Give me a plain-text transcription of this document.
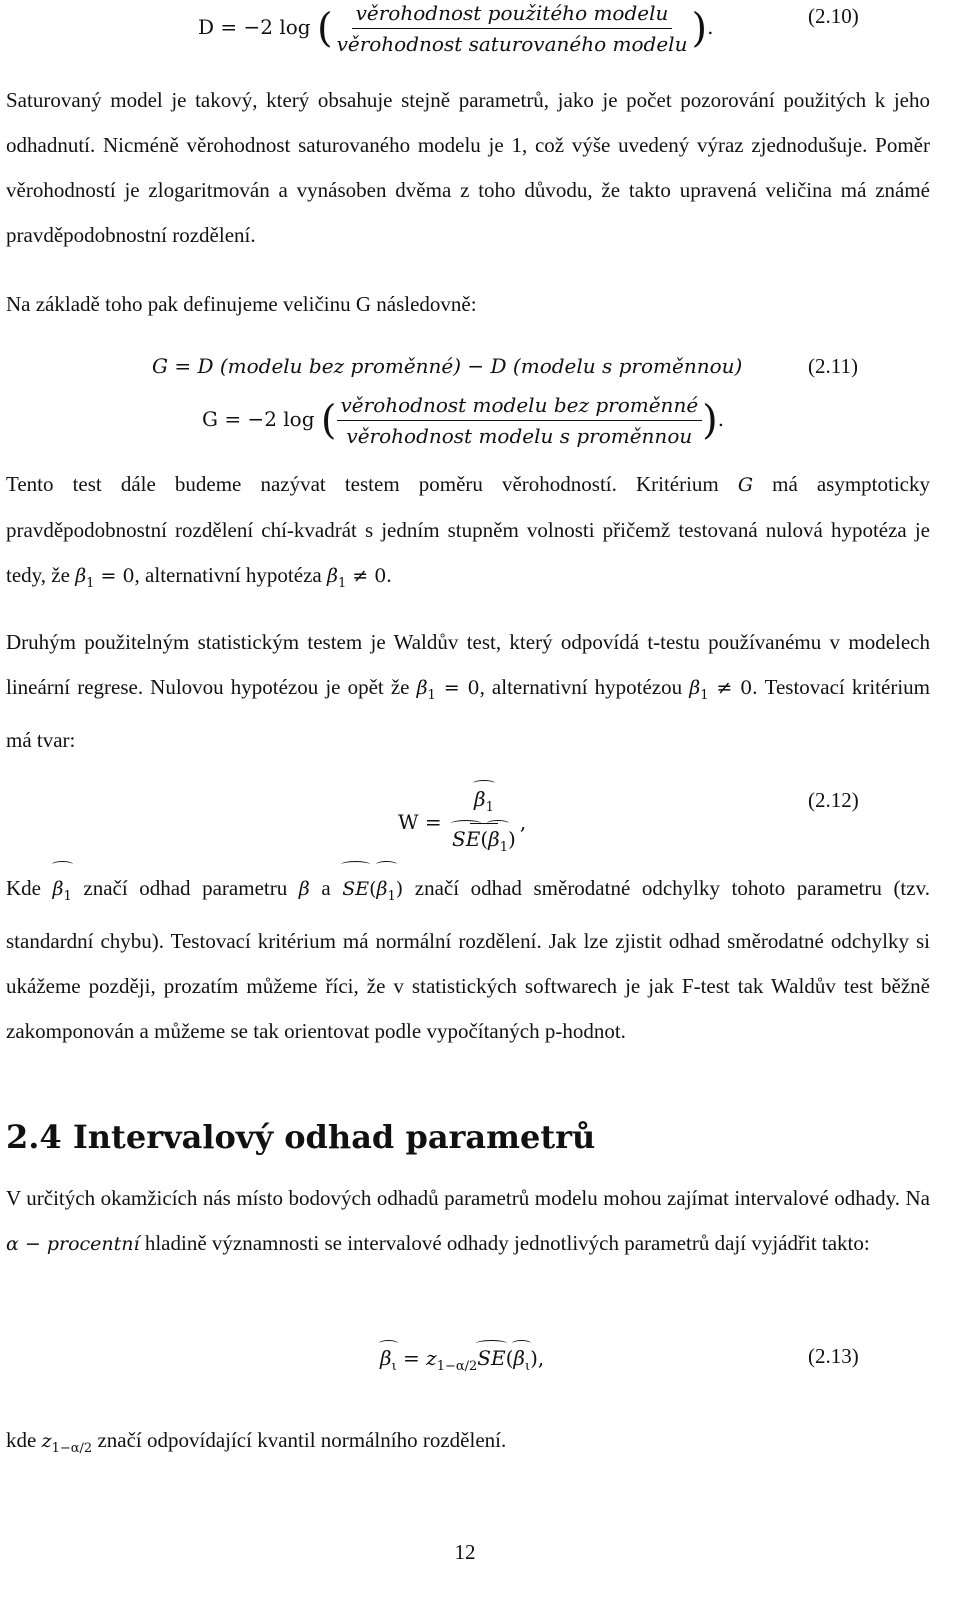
D = −2 log ( $\frac{\text{věrohodnost použitého modelu}}{\text{věrohodnost saturovaného modelu}}$ ).	(2.10)

Saturovaný model je takový, který obsahuje stejně parametrů, jako je počet pozorování použitých k jeho odhadnutí. Nicméně věrohodnost saturovaného modelu je 1, což výše uvedený výraz zjednodušuje. Poměr věrohodností je zlogaritmován a vynásoben dvěma z toho důvodu, že takto upravená veličina má známé pravděpodobnostní rozdělení.

Na základě toho pak definujeme veličinu G následovně:

G = D (modelu bez proměnné) − D (modelu s proměnnou)	(2.11)
G = −2 log ( $\frac{\text{věrohodnost modelu bez proměnné}}{\text{věrohodnost modelu s proměnnou}}$ ).

Tento test dále budeme nazývat testem poměru věrohodností. Kritérium G má asymptoticky pravděpodobnostní rozdělení chí-kvadrát s jedním stupněm volnosti přičemž testovaná nulová hypotéza je tedy, že $\beta_1 = 0$, alternativní hypotéza $\beta_1 \ne 0$.

Druhým použitelným statistickým testem je Waldův test, který odpovídá t-testu používanému v modelech lineární regrese. Nulovou hypotézou je opět že $\beta_1 = 0$, alternativní hypotézou $\beta_1 \ne 0$. Testovací kritérium má tvar:

$W = \frac{\beta_1}{SE(\beta_1)}$ ,
(2.12)

Kde $\beta_1$ značí odhad parametru β a $SE(\beta_1)$ značí odhad směrodatné odchylky tohoto parametru (tzv. standardní chybu). Testovací kritérium má normální rozdělení. Jak lze zjistit odhad směrodatné odchylky si ukážeme později, prozatím můžeme říci, že v statistických softwarech je jak F-test tak Waldův test běžně zakomponován a můžeme se tak orientovat podle vypočítaných p-hodnot.

2.4 Intervalový odhad parametrů

V určitých okamžicích nás místo bodových odhadů parametrů modelu mohou zajímat intervalové odhady. Na α − procentní hladině významnosti se intervalové odhady jednotlivých parametrů dají vyjádřit takto:

$\beta_\iota = z_{1-\alpha/2}SE(\beta_\iota)$,	(2.13)

kde $z_{1-\alpha/2}$ značí odpovídající kvantil normálního rozdělení.

12
